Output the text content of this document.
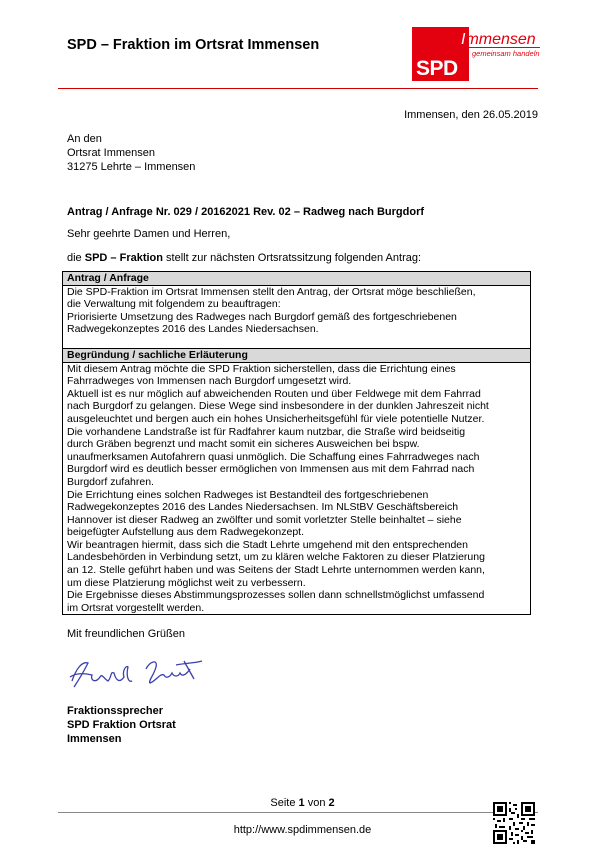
SPD – Fraktion im Ortsrat Immensen
SPD
Immensen
gemeinsam handeln
Immensen, den 26.05.2019
An den
Ortsrat Immensen
31275 Lehrte – Immensen
Antrag / Anfrage Nr. 029 / 20162021 Rev. 02 – Radweg nach Burgdorf
Sehr geehrte Damen und Herren,
die SPD – Fraktion stellt zur nächsten Ortsratssitzung folgenden Antrag:
Antrag / Anfrage

Die SPD-Fraktion im Ortsrat Immensen stellt den Antrag, der Ortsrat möge beschließen,
die Verwaltung mit folgendem zu beauftragen:
Priorisierte Umsetzung des Radweges nach Burgdorf gemäß des fortgeschriebenen
Radwegekonzeptes 2016 des Landes Niedersachsen.

Begründung / sachliche Erläuterung

Mit diesem Antrag möchte die SPD Fraktion sicherstellen, dass die Errichtung eines
Fahrradweges von Immensen nach Burgdorf umgesetzt wird.
Aktuell ist es nur möglich auf abweichenden Routen und über Feldwege mit dem Fahrrad
nach Burgdorf zu gelangen. Diese Wege sind insbesondere in der dunklen Jahreszeit nicht
ausgeleuchtet und bergen auch ein hohes Unsicherheitsgefühl für viele potentielle Nutzer.
Die vorhandene Landstraße ist für Radfahrer kaum nutzbar, die Straße wird beidseitig
durch Gräben begrenzt und macht somit ein sicheres Ausweichen bei bspw.
unaufmerksamen Autofahrern quasi unmöglich. Die Schaffung eines Fahrradweges nach
Burgdorf wird es deutlich besser ermöglichen von Immensen aus mit dem Fahrrad nach
Burgdorf zufahren.
Die Errichtung eines solchen Radweges ist Bestandteil des fortgeschriebenen
Radwegekonzeptes 2016 des Landes Niedersachsen. Im NLStBV Geschäftsbereich
Hannover ist dieser Radweg an zwölfter und somit vorletzter Stelle beinhaltet – siehe
beigefügter Aufstellung aus dem Radwegekonzept.
Wir beantragen hiermit, dass sich die Stadt Lehrte umgehend mit den entsprechenden
Landesbehörden in Verbindung setzt, um zu klären welche Faktoren zu dieser Platzierung
an 12. Stelle geführt haben und was Seitens der Stadt Lehrte unternommen werden kann,
um diese Platzierung möglichst weit zu verbessern.
Die Ergebnisse dieses Abstimmungsprozesses sollen dann schnellstmöglichst umfassend
im Ortsrat vorgestellt werden.
Mit freundlichen Grüßen
Fraktionssprecher
SPD Fraktion Ortsrat
Immensen
Seite 1 von 2
http://www.spdimmensen.de
